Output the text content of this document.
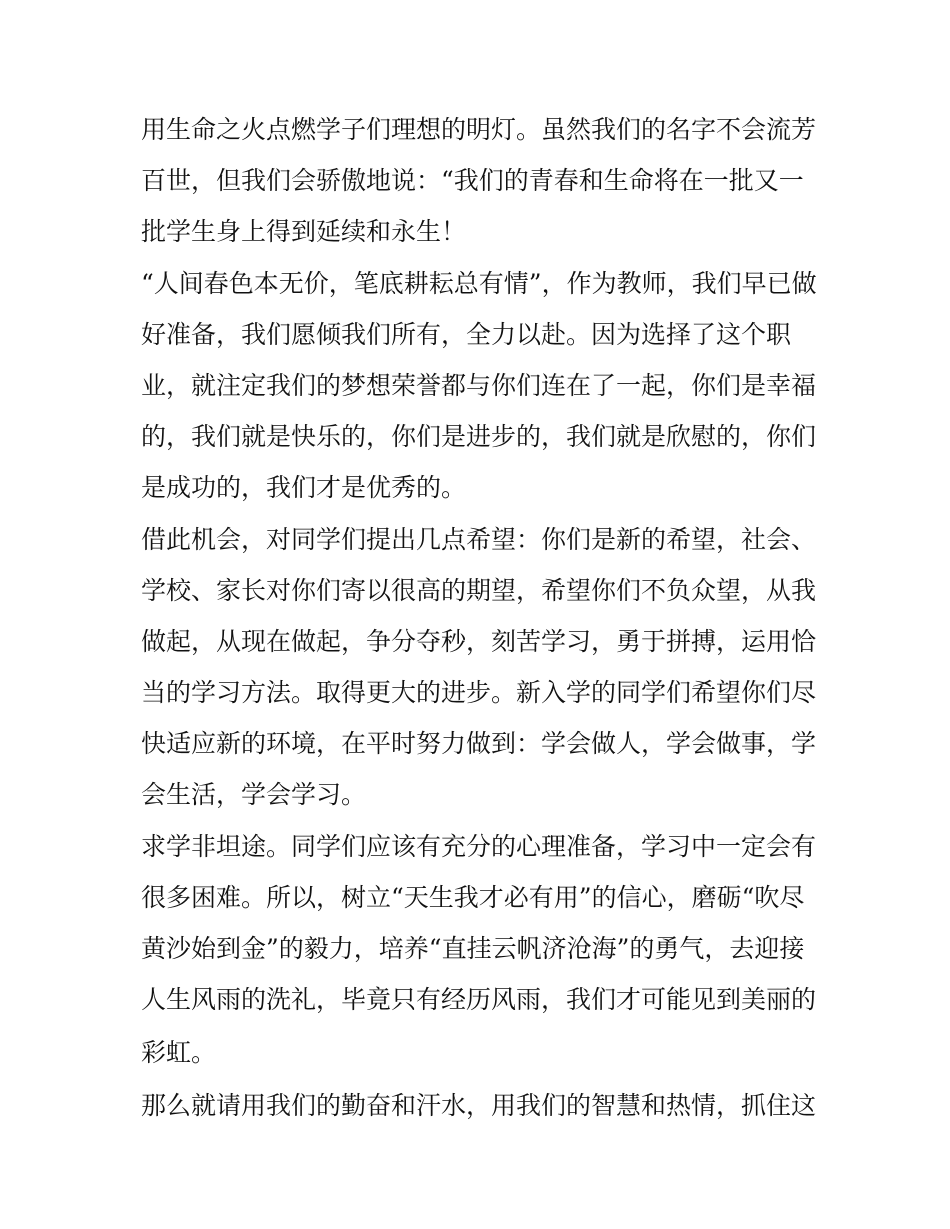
用生命之火点燃学子们理想的明灯。虽然我们的名字不会流芳
百世，但我们会骄傲地说：“我们的青春和生命将在一批又一
批学生身上得到延续和永生！
“人间春色本无价，笔底耕耘总有情”，作为教师，我们早已做
好准备，我们愿倾我们所有，全力以赴。因为选择了这个职
业，就注定我们的梦想荣誉都与你们连在了一起，你们是幸福
的，我们就是快乐的，你们是进步的，我们就是欣慰的，你们
是成功的，我们才是优秀的。
借此机会，对同学们提出几点希望：你们是新的希望，社会、
学校、家长对你们寄以很高的期望，希望你们不负众望，从我
做起，从现在做起，争分夺秒，刻苦学习，勇于拼搏，运用恰
当的学习方法。取得更大的进步。新入学的同学们希望你们尽
快适应新的环境，在平时努力做到：学会做人，学会做事，学
会生活，学会学习。
求学非坦途。同学们应该有充分的心理准备，学习中一定会有
很多困难。所以，树立“天生我才必有用”的信心，磨砺“吹尽
黄沙始到金”的毅力，培养“直挂云帆济沧海”的勇气，去迎接
人生风雨的洗礼，毕竟只有经历风雨，我们才可能见到美丽的
彩虹。
那么就请用我们的勤奋和汗水，用我们的智慧和热情，抓住这
